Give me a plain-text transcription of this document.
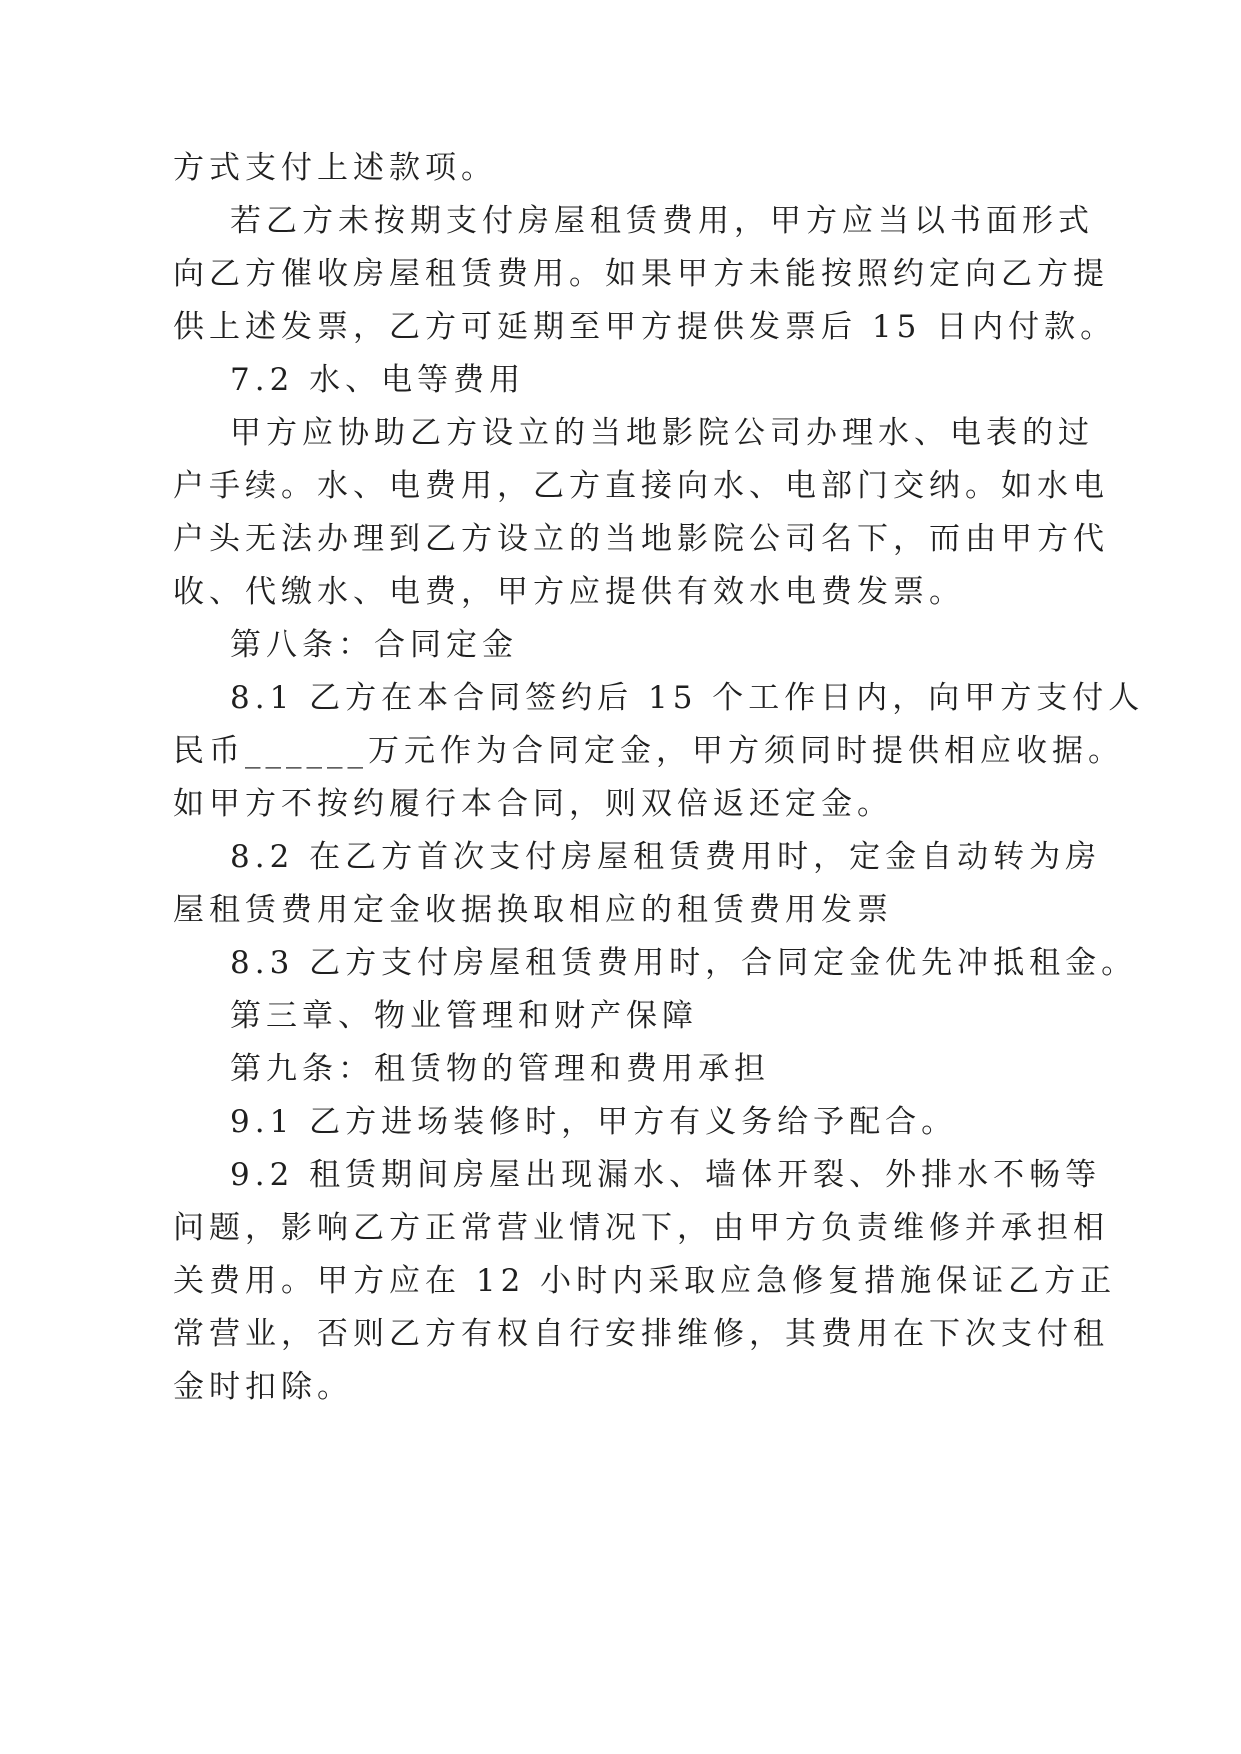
方式支付上述款项。

若乙方未按期支付房屋租赁费用，甲方应当以书面形式

向乙方催收房屋租赁费用。如果甲方未能按照约定向乙方提

供上述发票，乙方可延期至甲方提供发票后 15 日内付款。

7.2 水、电等费用

甲方应协助乙方设立的当地影院公司办理水、电表的过

户手续。水、电费用，乙方直接向水、电部门交纳。如水电

户头无法办理到乙方设立的当地影院公司名下，而由甲方代

收、代缴水、电费，甲方应提供有效水电费发票。

第八条：合同定金

8.1 乙方在本合同签约后 15 个工作日内，向甲方支付人

民币______万元作为合同定金，甲方须同时提供相应收据。

如甲方不按约履行本合同，则双倍返还定金。

8.2 在乙方首次支付房屋租赁费用时，定金自动转为房

屋租赁费用定金收据换取相应的租赁费用发票

8.3 乙方支付房屋租赁费用时，合同定金优先冲抵租金。

第三章、物业管理和财产保障

第九条：租赁物的管理和费用承担

9.1 乙方进场装修时，甲方有义务给予配合。

9.2 租赁期间房屋出现漏水、墙体开裂、外排水不畅等

问题，影响乙方正常营业情况下，由甲方负责维修并承担相

关费用。甲方应在 12 小时内采取应急修复措施保证乙方正

常营业，否则乙方有权自行安排维修，其费用在下次支付租

金时扣除。
